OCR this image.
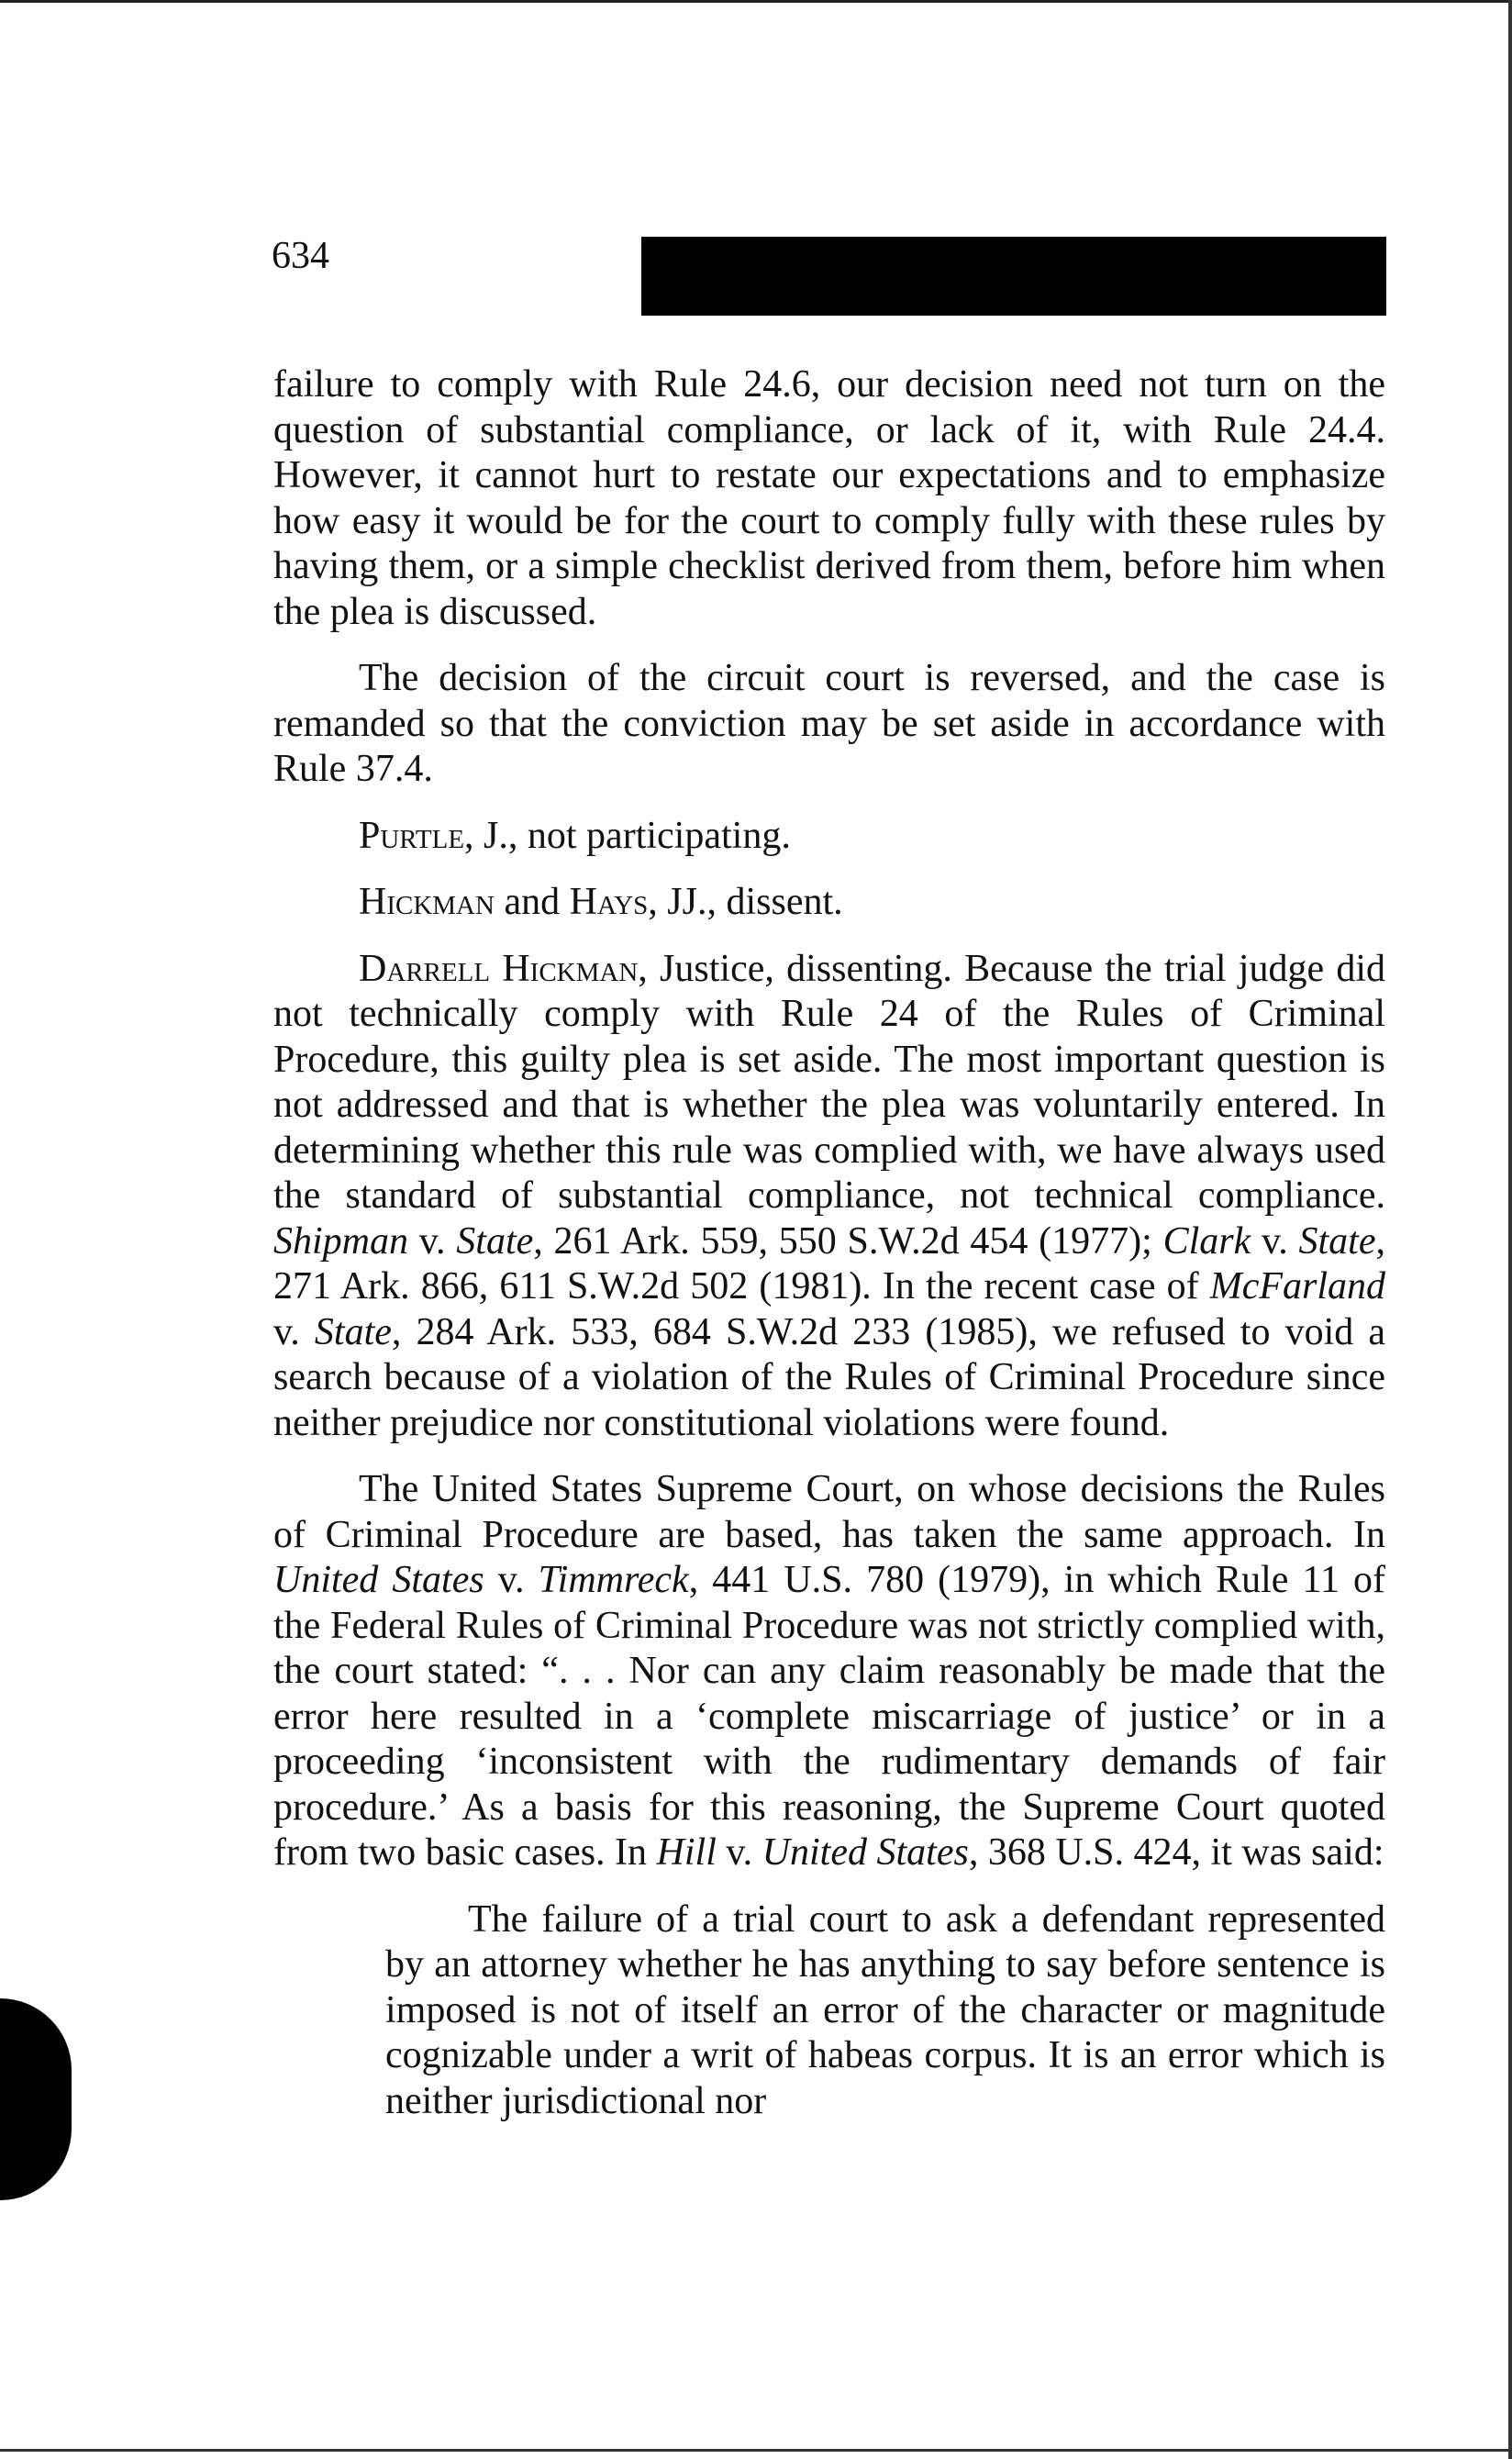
634

failure to comply with Rule 24.6, our decision need not turn on the question of substantial compliance, or lack of it, with Rule 24.4. However, it cannot hurt to restate our expectations and to emphasize how easy it would be for the court to comply fully with these rules by having them, or a simple checklist derived from them, before him when the plea is discussed.

The decision of the circuit court is reversed, and the case is remanded so that the conviction may be set aside in accordance with Rule 37.4.

Purtle, J., not participating.

Hickman and Hays, JJ., dissent.

Darrell Hickman, Justice, dissenting. Because the trial judge did not technically comply with Rule 24 of the Rules of Criminal Procedure, this guilty plea is set aside. The most important question is not addressed and that is whether the plea was voluntarily entered. In determining whether this rule was complied with, we have always used the standard of substantial compliance, not technical compliance. Shipman v. State, 261 Ark. 559, 550 S.W.2d 454 (1977); Clark v. State, 271 Ark. 866, 611 S.W.2d 502 (1981). In the recent case of McFarland v. State, 284 Ark. 533, 684 S.W.2d 233 (1985), we refused to void a search because of a violation of the Rules of Criminal Procedure since neither prejudice nor constitutional violations were found.

The United States Supreme Court, on whose decisions the Rules of Criminal Procedure are based, has taken the same approach. In United States v. Timmreck, 441 U.S. 780 (1979), in which Rule 11 of the Federal Rules of Criminal Procedure was not strictly complied with, the court stated: “. . . Nor can any claim reasonably be made that the error here resulted in a ‘complete miscarriage of justice’ or in a proceeding ‘inconsistent with the rudimentary demands of fair procedure.’ As a basis for this reasoning, the Supreme Court quoted from two basic cases. In Hill v. United States, 368 U.S. 424, it was said:

The failure of a trial court to ask a defendant represented by an attorney whether he has anything to say before sentence is imposed is not of itself an error of the character or magnitude cognizable under a writ of habeas corpus. It is an error which is neither jurisdictional nor
